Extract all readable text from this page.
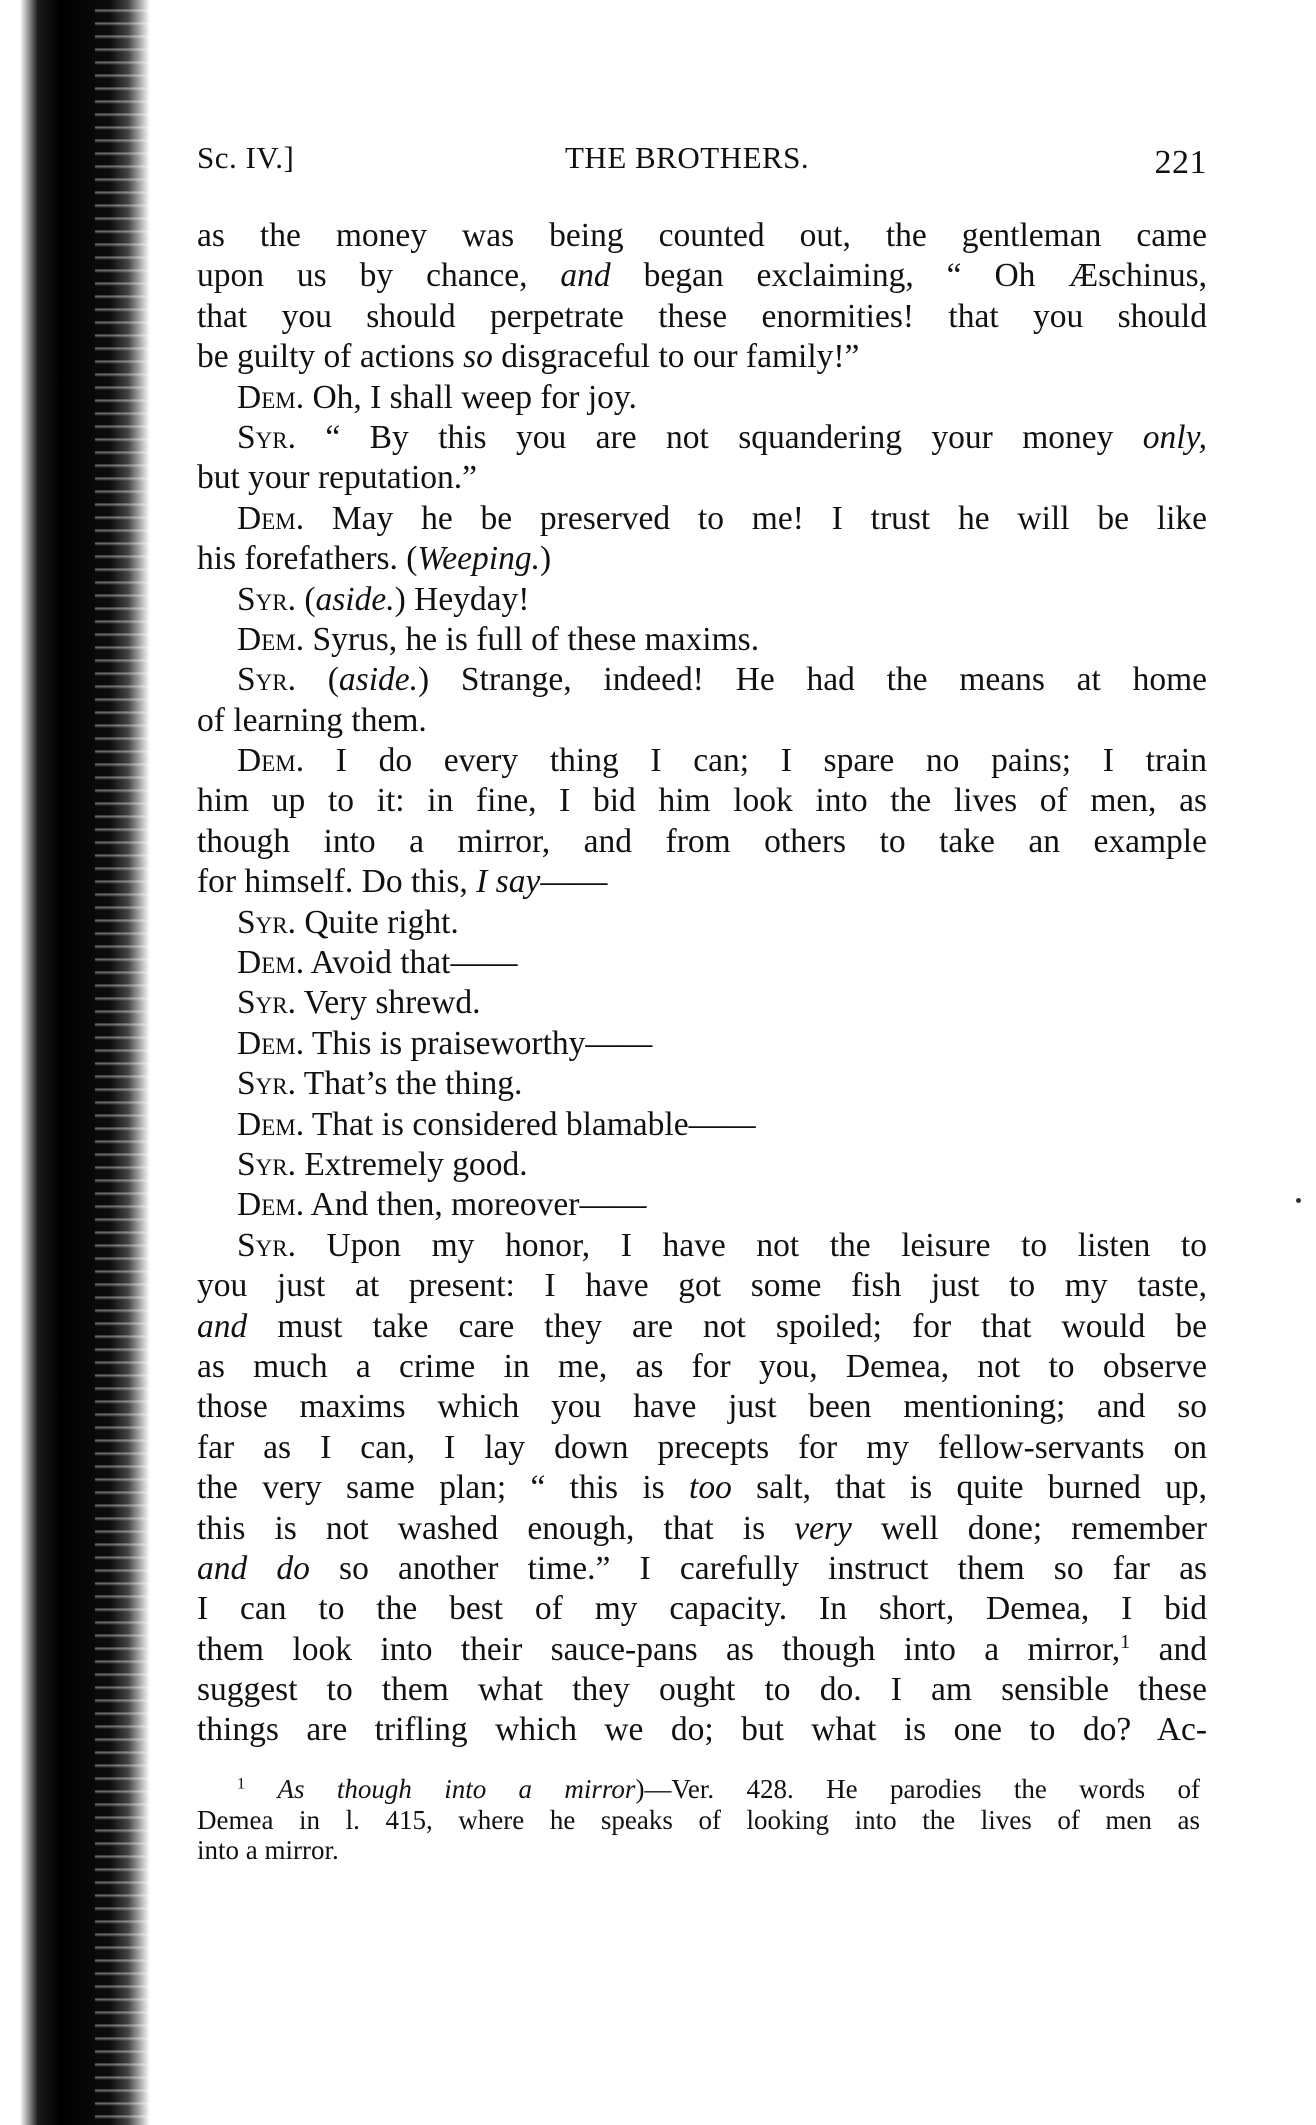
Sc. IV.]	THE BROTHERS.	221
as the money was being counted out, the gentleman came
upon us by chance, and began exclaiming, “ Oh Æschinus,
that you should perpetrate these enormities! that you should
be guilty of actions so disgraceful to our family!”
Dem. Oh, I shall weep for joy.
Syr. “ By this you are not squandering your money only,
but your reputation.”
Dem. May he be preserved to me! I trust he will be like
his forefathers. (Weeping.)
Syr. (aside.) Heyday!
Dem. Syrus, he is full of these maxims.
Syr. (aside.) Strange, indeed! He had the means at home
of learning them.
Dem. I do every thing I can; I spare no pains; I train
him up to it: in fine, I bid him look into the lives of men, as
though into a mirror, and from others to take an example
for himself. Do this, I say——
Syr. Quite right.
Dem. Avoid that——
Syr. Very shrewd.
Dem. This is praiseworthy——
Syr. That’s the thing.
Dem. That is considered blamable——
Syr. Extremely good.
Dem. And then, moreover——
Syr. Upon my honor, I have not the leisure to listen to
you just at present: I have got some fish just to my taste,
and must take care they are not spoiled; for that would be
as much a crime in me, as for you, Demea, not to observe
those maxims which you have just been mentioning; and so
far as I can, I lay down precepts for my fellow-servants on
the very same plan; “ this is too salt, that is quite burned up,
this is not washed enough, that is very well done; remember
and do so another time.” I carefully instruct them so far as
I can to the best of my capacity. In short, Demea, I bid
them look into their sauce-pans as though into a mirror,$^1$ and
suggest to them what they ought to do. I am sensible these
things are trifling which we do; but what is one to do? Ac-
$^1$ As though into a mirror)—Ver. 428. He parodies the words of
Demea in l. 415, where he speaks of looking into the lives of men as
into a mirror.
